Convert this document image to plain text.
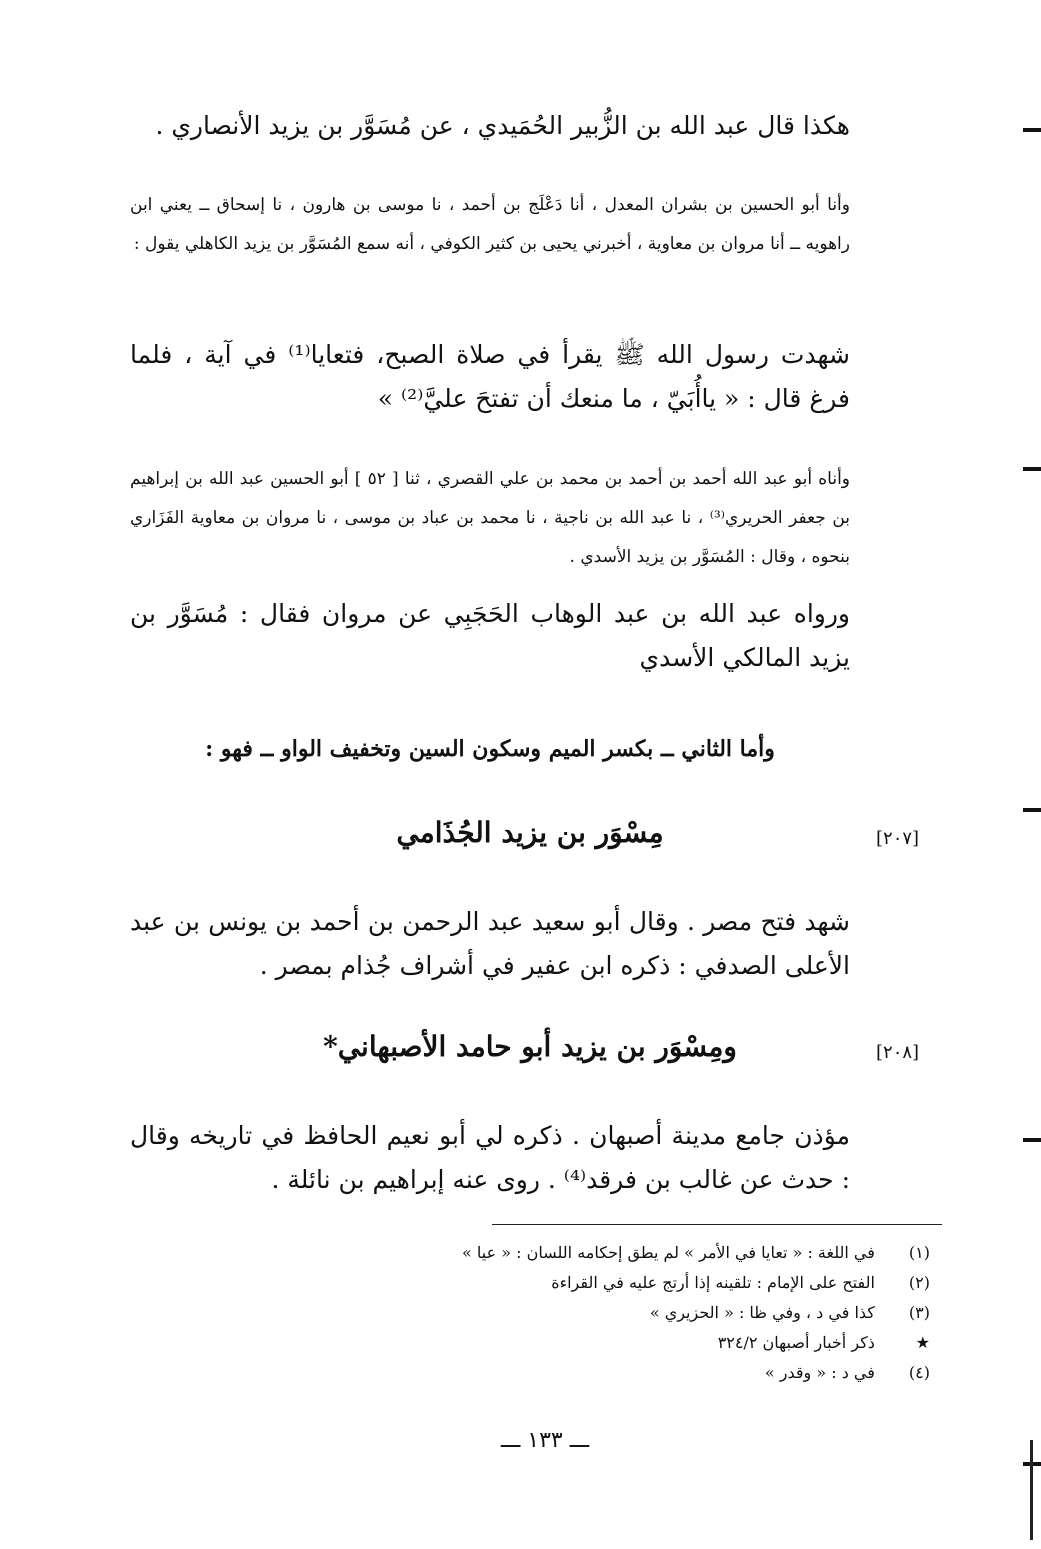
هكذا قال عبد الله بن الزُّبير الحُمَيدي ، عن مُسَوَّر بن يزيد الأنصاري .
وأنا أبو الحسين بن بشران المعدل ، أنا دَعْلَج بن أحمد ، نا موسى بن هارون ، نا إسحاق ــ يعني ابن راهويه ــ أنا مروان بن معاوية ، أخبرني يحيى بن كثير الكوفي ، أنه سمع المُسَوَّر بن يزيد الكاهلي يقول :
شهدت رسول الله ﷺ يقرأ في صلاة الصبح، فتعايا⁽¹⁾ في آية ، فلما فرغ قال : « ياأُبَيّ ، ما منعك أن تفتحَ عليَّ⁽²⁾ »
وأناه أبو عبد الله أحمد بن أحمد بن محمد بن علي القصري ، ثنا [ ٥٢ ] أبو الحسين عبد الله بن إبراهيم بن جعفر الحريري⁽³⁾ ، نا عبد الله بن ناجية ، نا محمد بن عباد بن موسى ، نا مروان بن معاوية الفَزَاري بنحوه ، وقال : المُسَوَّر بن يزيد الأسدي .
ورواه عبد الله بن عبد الوهاب الحَجَبِي عن مروان فقال : مُسَوَّر بن يزيد المالكي الأسدي
وأما الثاني ــ بكسر الميم وسكون السين وتخفيف الواو ــ فهو :
[٢٠٧]
مِسْوَر بن يزيد الجُذَامي
شهد فتح مصر . وقال أبو سعيد عبد الرحمن بن أحمد بن يونس بن عبد الأعلى الصدفي : ذكره ابن عفير في أشراف جُذام بمصر .
[٢٠٨]
ومِسْوَر بن يزيد أبو حامد الأصبهاني*
مؤذن جامع مدينة أصبهان . ذكره لي أبو نعيم الحافظ في تاريخه وقال : حدث عن غالب بن فرقد⁽⁴⁾ . روى عنه إبراهيم بن نائلة .
(١) في اللغة : « تعايا في الأمر » لم يطق إحكامه اللسان : « عيا »
(٢) الفتح على الإمام : تلقينه إذا أرتج عليه في القراءة
(٣) كذا في د ، وفي ظا : « الحزيري »
★ ذكر أخبار أصبهان ٣٢٤/٢
(٤) في د : « وقدر »
ـــ ١٣٣ ـــ
